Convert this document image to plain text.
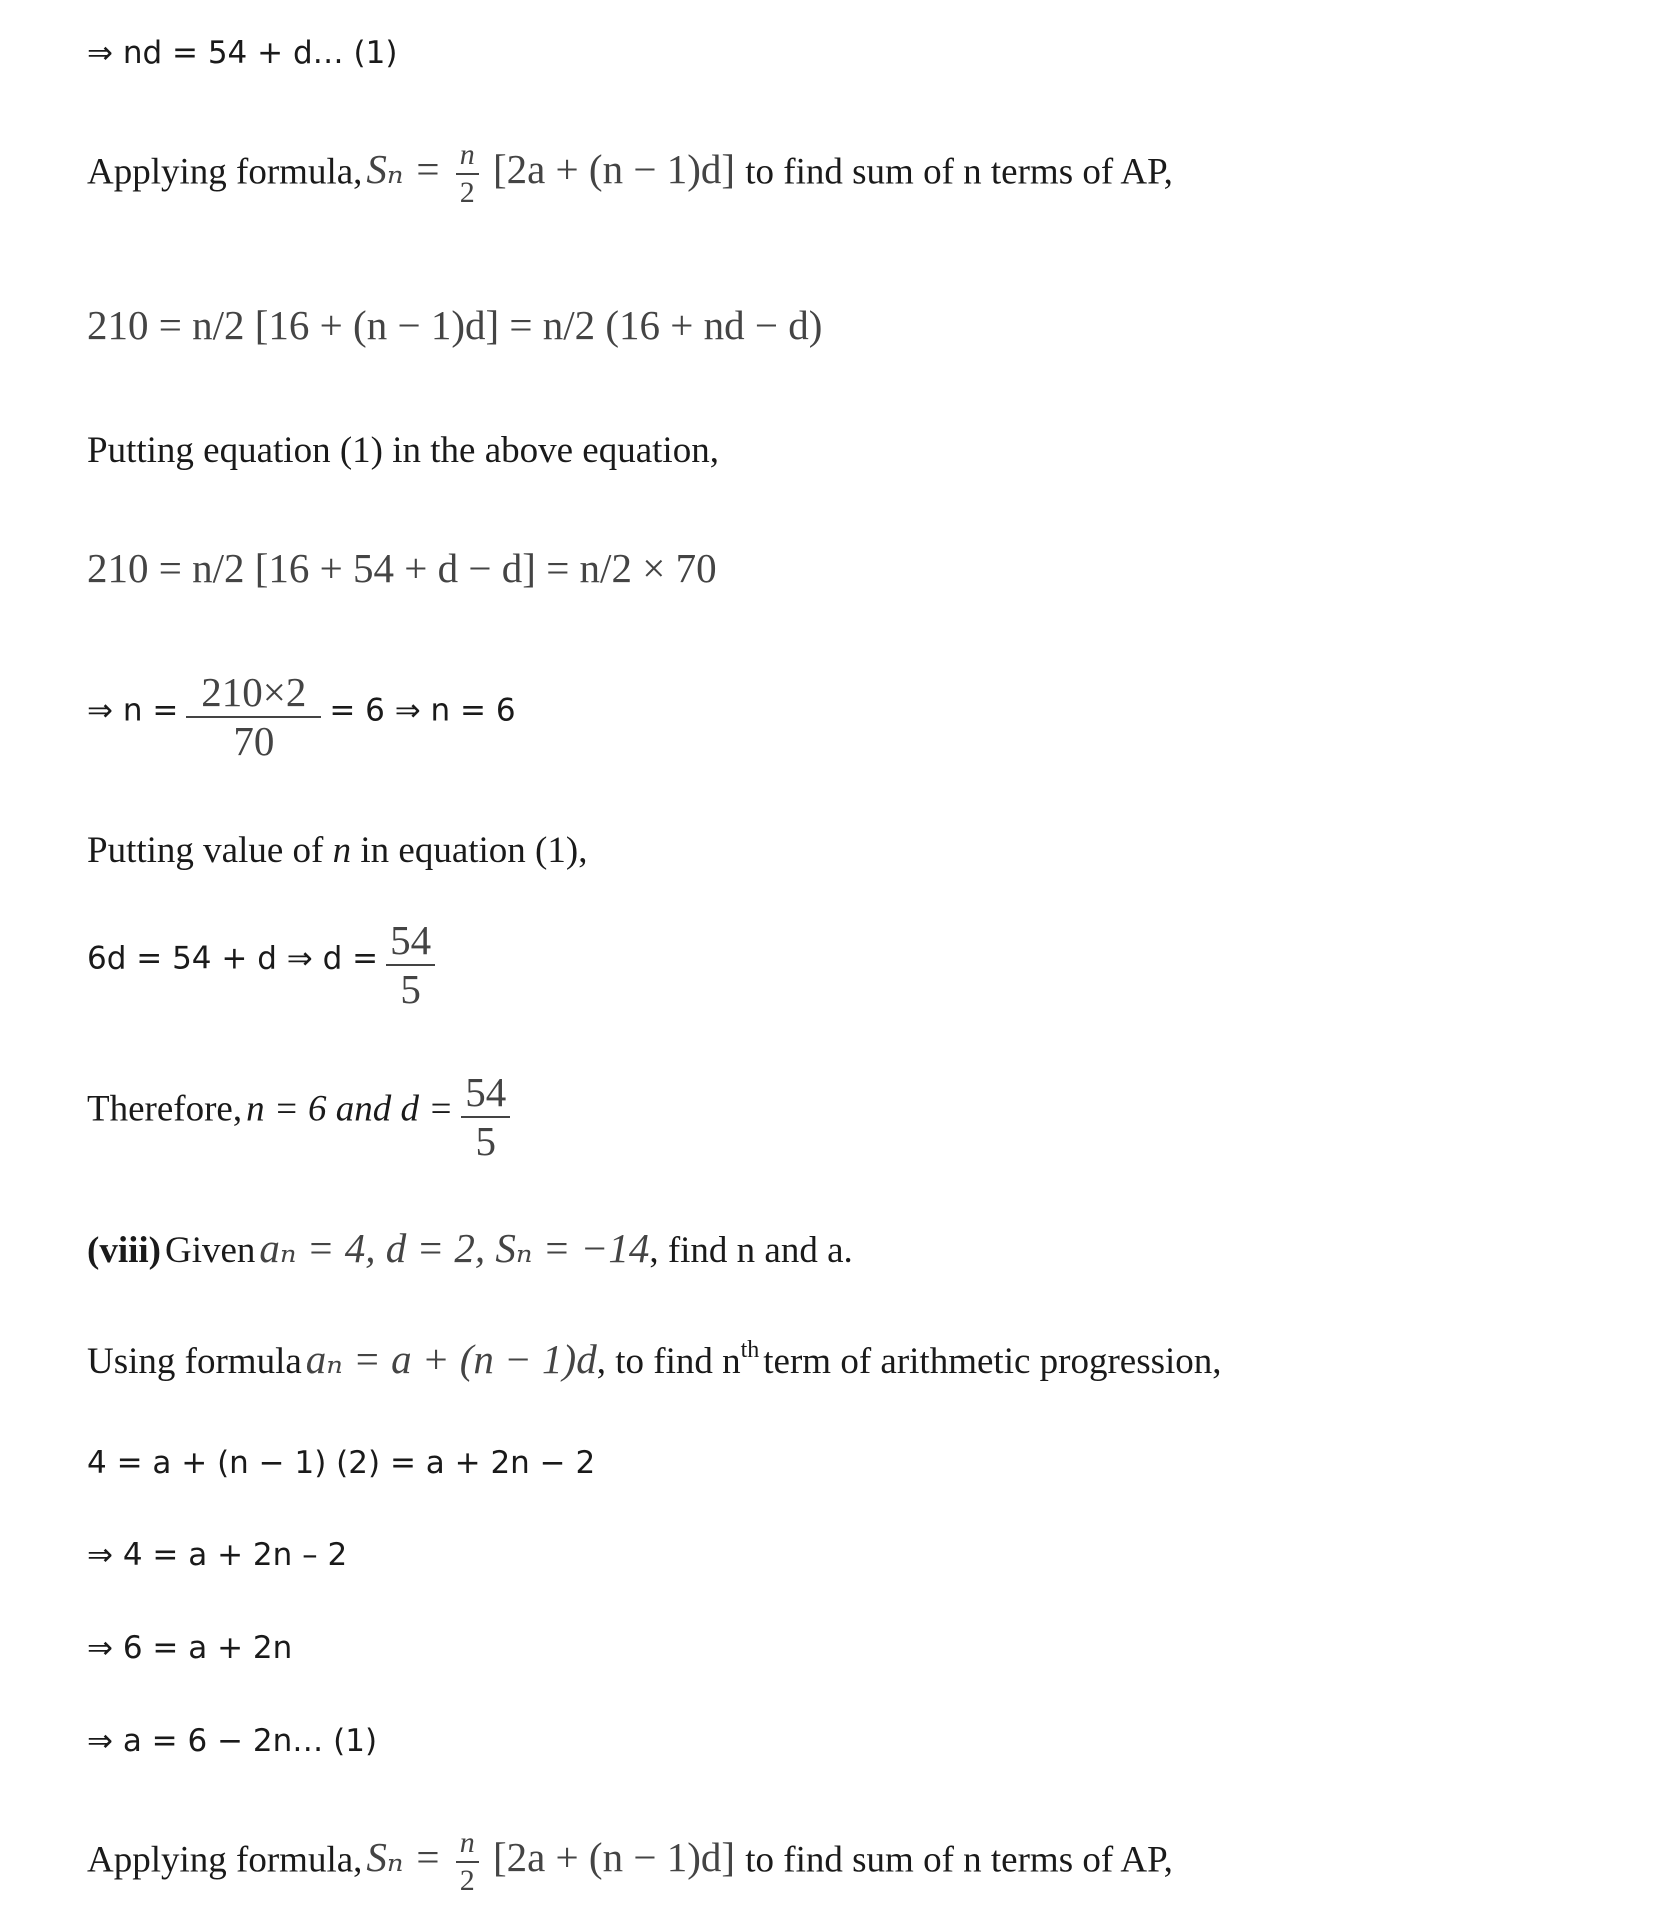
⇒ nd = 54 + d… (1)
Applying formula, $S_n = \frac{n}{2} [2a + (n - 1)d]$ to find sum of n terms of AP,
210 = n/2 [16 + (n − 1)d] = n/2 (16 + nd − d)
Putting equation (1) in the above equation,
210 = n/2 [16 + 54 + d − d] = n/2 × 70
⇒ $n = \frac{210\times 2}{70} = 6$ ⇒ n = 6
Putting value of n in equation (1),
6d = 54 + d ⇒ $d = \frac{54}{5}$
Therefore, n = 6 and $d = \frac{54}{5}$
(viii) Given aₙ = 4, d = 2, Sₙ = −14, find n and a.
Using formula aₙ = a + (n − 1)d, to find $n^{th}$ term of arithmetic progression,
4 = a + (n − 1) (2) = a + 2n − 2
⇒ 4 = a + 2n – 2
⇒ 6 = a + 2n
⇒ a = 6 − 2n… (1)
Applying formula, $S_n = \frac{n}{2} [2a + (n - 1)d]$ to find sum of n terms of AP,
